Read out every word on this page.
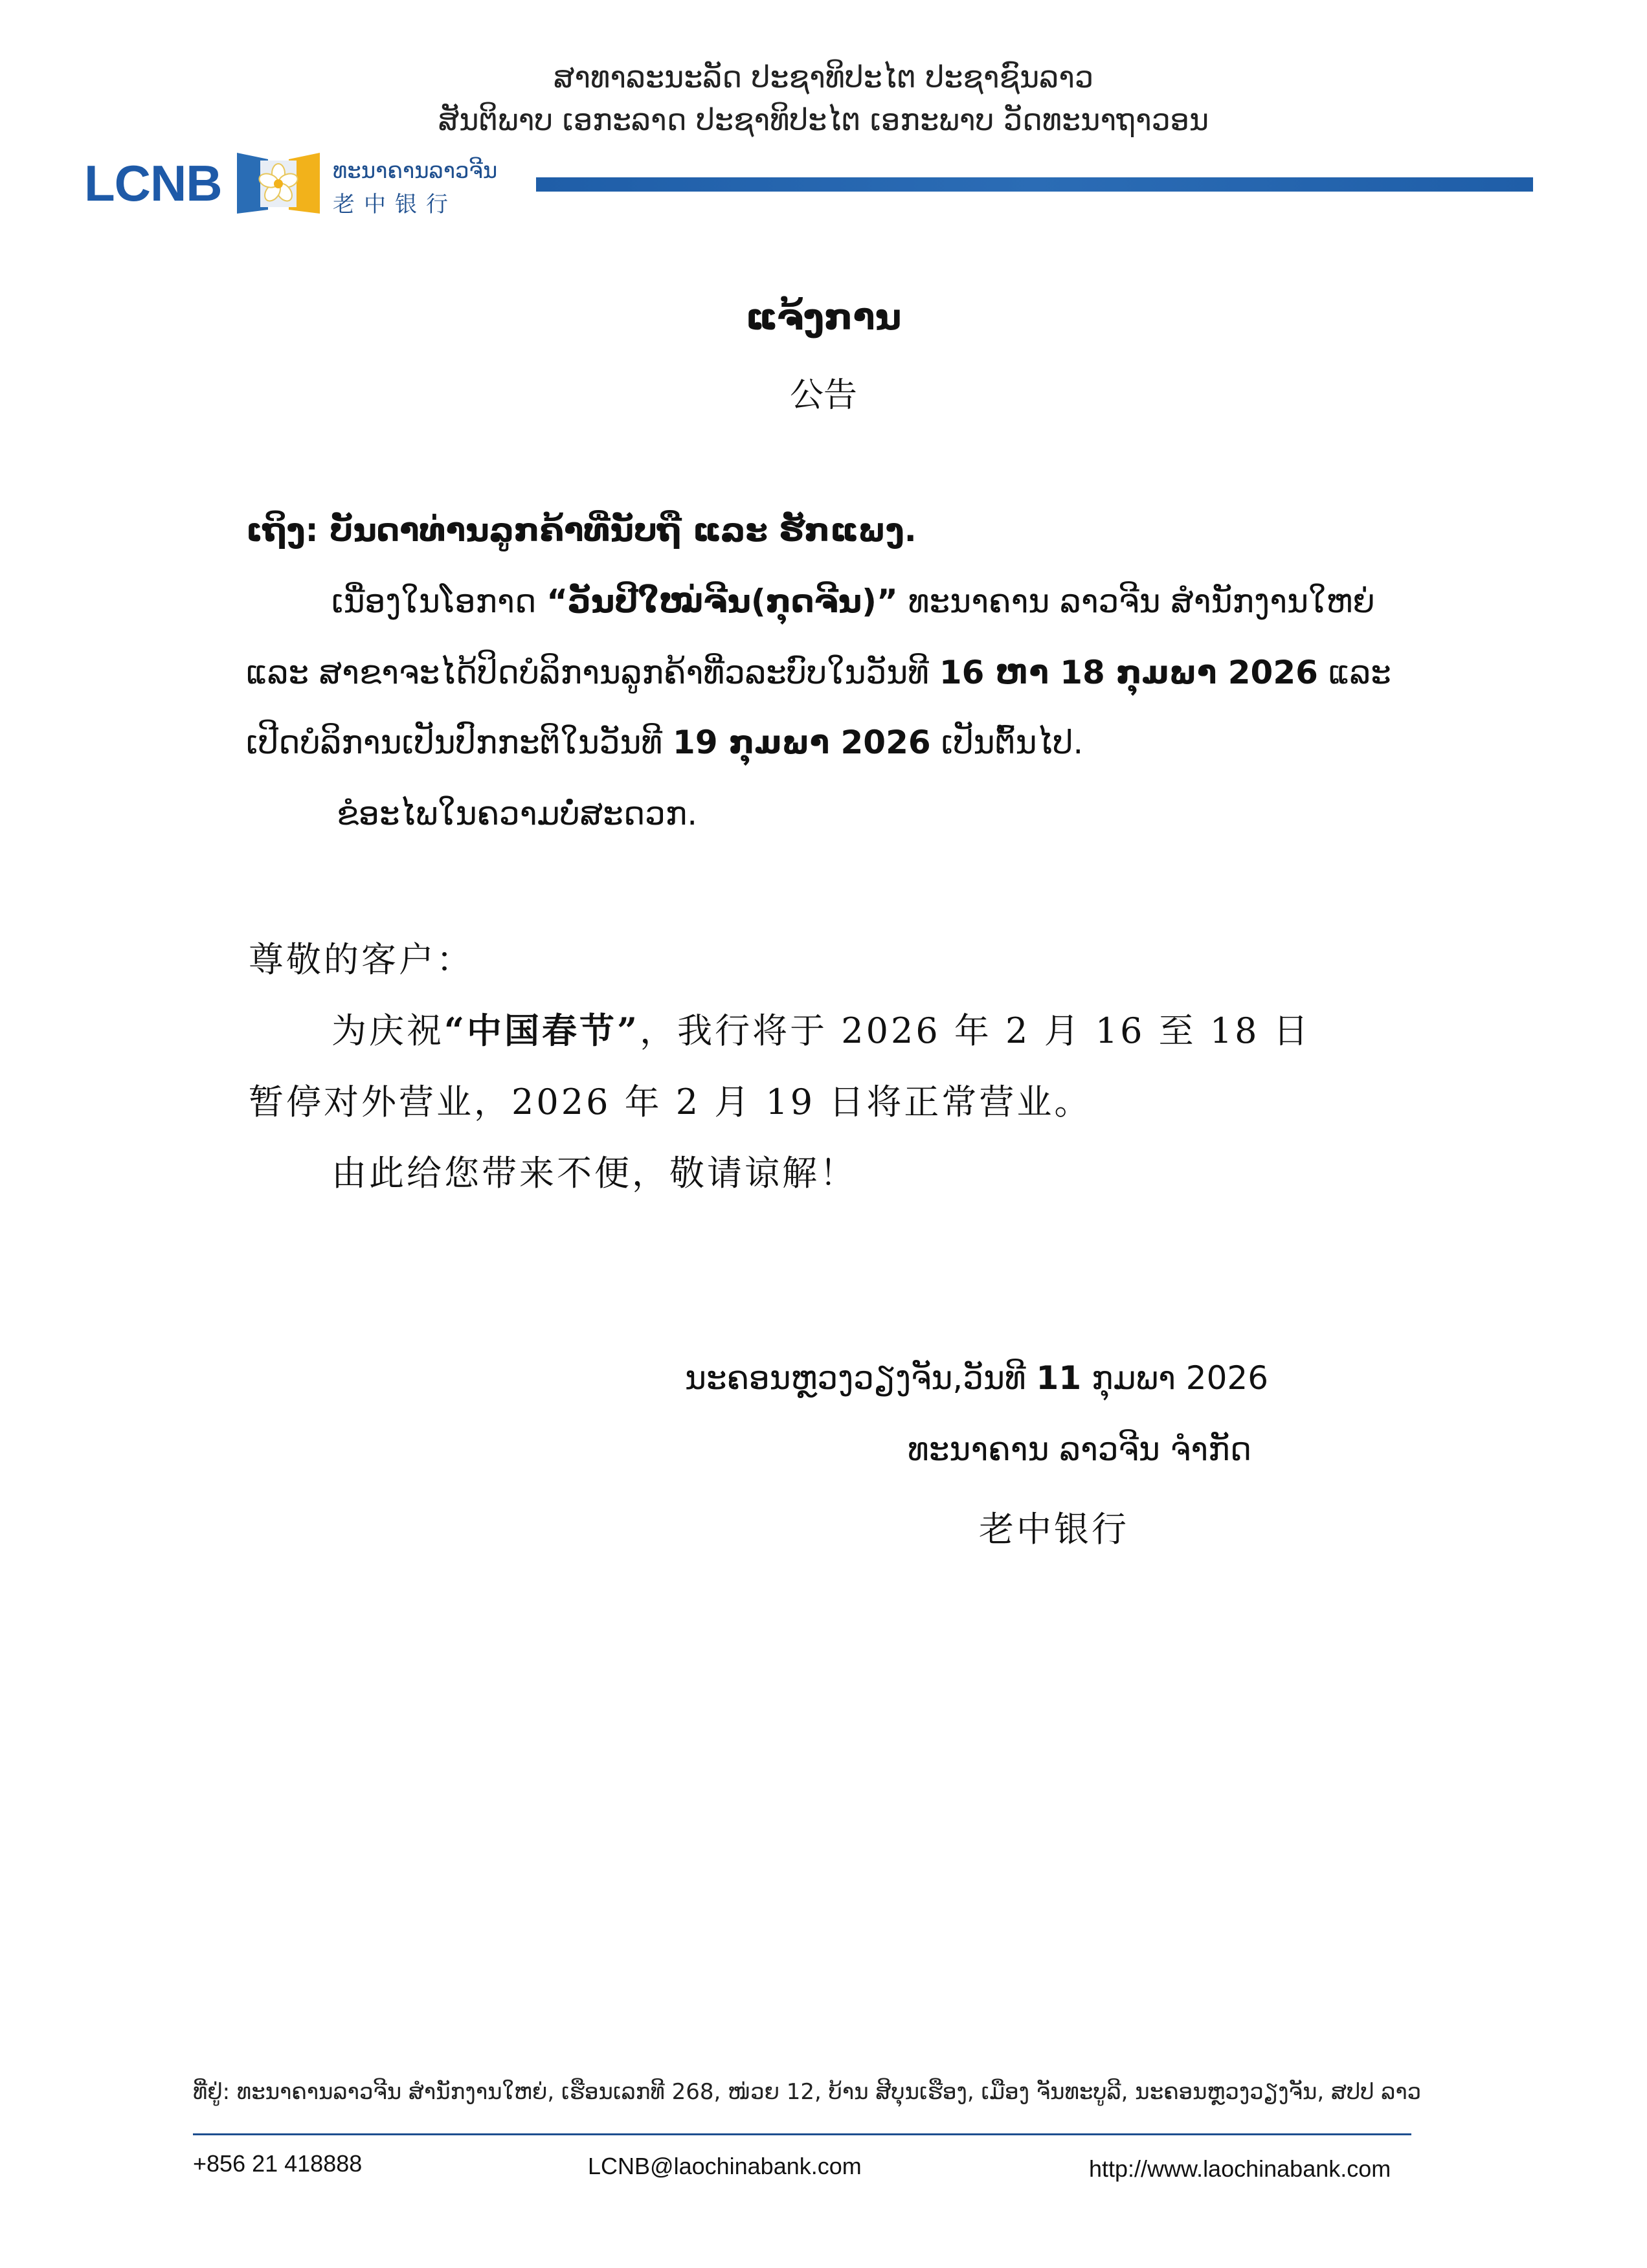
ສາທາລະນະລັດ ປະຊາທິປະໄຕ ປະຊາຊົນລາວ
ສັນຕິພາບ ເອກະລາດ ປະຊາທິປະໄຕ ເອກະພາບ ວັດທະນາຖາວອນ
LCNB	ທະນາຄານລາວຈີນ
老中银行
ແຈ້ງການ
公告
ເຖິງ: ບັນດາທ່ານລູກຄ້າທີ່ນັບຖື ແລະ ຮັກແພງ.
ເນື່ອງໃນໂອກາດ “ວັນປີໃໝ່ຈີນ(ກຸດຈີນ)” ທະນາຄານ ລາວຈີນ ສຳນັກງານໃຫຍ່
ແລະ ສາຂາຈະໄດ້ປິດບໍລິການລູກຄ້າທີ່ວລະບົບໃນວັນທີ 16 ຫາ 18 ກຸມພາ 2026 ແລະ
ເປີດບໍລິການເປັນປົກກະຕິໃນວັນທີ 19 ກຸມພາ 2026 ເປັນຕົ້ນໄປ.
ຂໍອະໄພໃນຄວາມບໍ່ສະດວກ.
尊敬的客户：
为庆祝“中国春节”，我行将于 2026 年 2 月 16 至 18 日
暂停对外营业，2026 年 2 月 19 日将正常营业。
由此给您带来不便，敬请谅解！
ນະຄອນຫຼວງວຽງຈັນ,ວັນທີ 11 ກຸມພາ 2026
ທະນາຄານ ລາວຈີນ ຈຳກັດ
老中银行
ທີ່ຢູ່: ທະນາຄານລາວຈີນ ສຳນັກງານໃຫຍ່, ເຮືອນເລກທີ 268, ໜ່ວຍ 12, ບ້ານ ສີບຸນເຮືອງ, ເມືອງ ຈັນທະບູລີ, ນະຄອນຫຼວງວຽງຈັນ, ສປປ ລາວ
+856 21 418888	LCNB@laochinabank.com	http://www.laochinabank.com
